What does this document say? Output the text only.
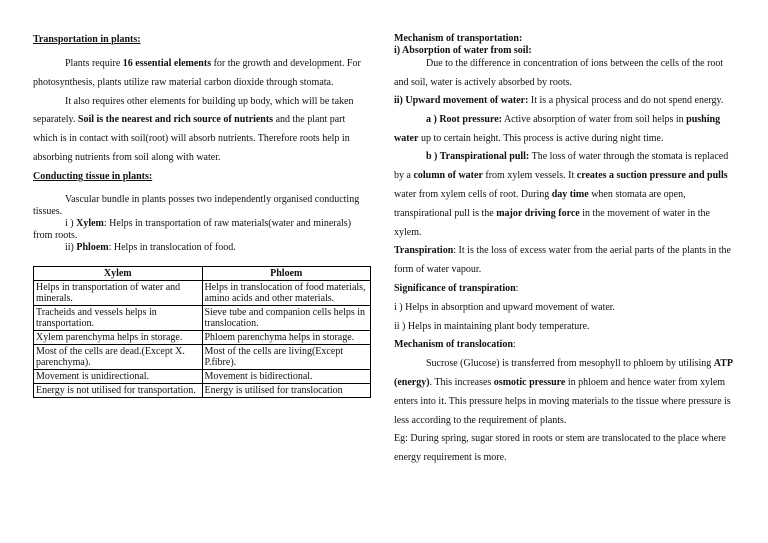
Transportation in plants:

Plants require 16 essential elements for the growth and development. For photosynthesis, plants utilize raw material carbon dioxide through stomata.

It also requires other elements for building up body, which will be taken separately. Soil is the nearest and rich source of nutrients and the plant part which is in contact with soil(root) will absorb nutrients. Therefore roots help in absorbing nutrients from soil along with water.

Conducting tissue in plants:

Vascular bundle in plants posses two independently organised conducting tissues.

i ) Xylem: Helps in transportation of raw materials(water and minerals) from roots.

ii) Phloem: Helps in translocation of food.

Xylem	Phloem
Helps in transportation of water and minerals.	Helps in translocation of food materials, amino acids and other materials.
Tracheids and vessels helps in transportation.	Sieve tube and companion cells helps in translocation.
Xylem parenchyma helps in storage.	Phloem parenchyma helps in storage.
Most of the cells are dead.(Except X. parenchyma).	Most of the cells are living(Except P.fibre).
Movement is unidirectional.	Movement is bidirectional.
Energy is not utilised for transportation.	Energy is utilised for translocation

Mechanism of transportation:

i) Absorption of water from soil:

Due to the difference in concentration of ions between the cells of the root and soil, water is actively absorbed by roots.

ii) Upward movement of water: It is a physical process and do not spend energy.

a ) Root pressure: Active absorption of water from soil helps in pushing water up to certain height. This process is active during night time.

b ) Transpirational pull: The loss of water through the stomata is replaced by a column of water from xylem vessels. It creates a suction pressure and pulls water from xylem cells of root. During day time when stomata are open, transpirational pull is the major driving force in the movement of water in the xylem.

Transpiration: It is the loss of excess water from the aerial parts of the plants in the form of water vapour.

Significance of transpiration:

i ) Helps in absorption and upward movement of water.

ii ) Helps in maintaining plant body temperature.

Mechanism of translocation:

Sucrose (Glucose) is transferred from mesophyll to phloem by utilising ATP (energy). This increases osmotic pressure in phloem and hence water from xylem enters into it. This pressure helps in moving materials to the tissue where pressure is less according to the requirement of plants.

Eg: During spring, sugar stored in roots or stem are translocated to the place where energy requirement is more.
